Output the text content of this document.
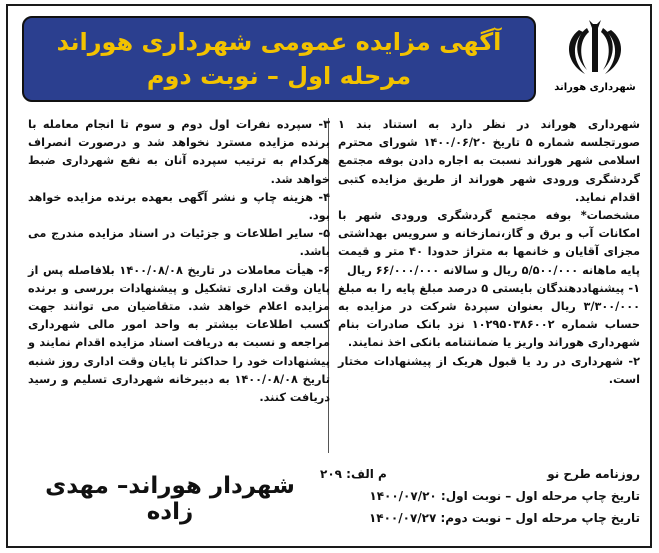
آگهی مزایده عمومی شهرداری هوراند
مرحله اول – نوبت دوم	شهرداری هوراند

شهرداری هوراند در نظر دارد به استناد بند ۱ صورتجلسه شماره ۵ تاریخ ۱۴۰۰/۰۶/۲۰ شورای محترم اسلامی شهر هوراند نسبت به اجاره دادن بوفه مجتمع گردشگری ورودی شهر هوراند از طریق مزایده کتبی اقدام نماید.

مشخصات* بوفه مجتمع گردشگری ورودی شهر با امکانات آب و برق و گاز،نمازخانه و سرویس بهداشتی مجزای آقایان و خانمها به متراژ حدودا ۴۰ متر و قیمت پایه ماهانه ۵/۵۰۰/۰۰۰ ریال و سالانه ۶۶/۰۰۰/۰۰۰ ریال

۱- پیشنهاددهندگان بایستی ۵ درصد مبلغ پایه را به مبلغ ۳/۳۰۰/۰۰۰ ریال بعنوان سپردهٔ شرکت در مزایده به حساب شماره ۱۰۲۹۵۰۳۸۶۰۰۲ نزد بانک صادرات بنام شهرداری هوراند واریز یا ضمانتنامه بانکی اخذ نمایند.

۲- شهرداری در رد یا قبول هریک از پیشنهادات مختار است.

۳- سپرده نفرات اول دوم و سوم تا انجام معامله با برنده مزایده مسترد نخواهد شد و درصورت انصراف هرکدام به ترتیب سپرده آنان به نفع شهرداری ضبط خواهد شد.

۴- هزینه چاپ و نشر آگهی بعهده برنده مزایده خواهد بود.

۵- سایر اطلاعات و جزئیات در اسناد مزایده مندرج می باشد.

۶- هیأت معاملات در تاریخ ۱۴۰۰/۰۸/۰۸ بلافاصله پس از پایان وقت اداری تشکیل و پیشنهادات بررسی و برنده مزایده اعلام خواهد شد. متقاضیان می توانند جهت کسب اطلاعات بیشتر به واحد امور مالی شهرداری مراجعه و نسبت به دریافت اسناد مزایده اقدام نمایند و پیشنهادات خود را حداکثر تا پایان وقت اداری روز شنبه تاریخ ۱۴۰۰/۰۸/۰۸ به دبیرخانه شهرداری تسلیم و رسید دریافت کنند.

روزنامه طرح نو
م الف: ۲۰۹
تاریخ چاپ مرحله اول – نوبت اول: ۱۴۰۰/۰۷/۲۰
تاریخ چاپ مرحله اول – نوبت دوم: ۱۴۰۰/۰۷/۲۷
شهردار هوراند– مهدی زاده
